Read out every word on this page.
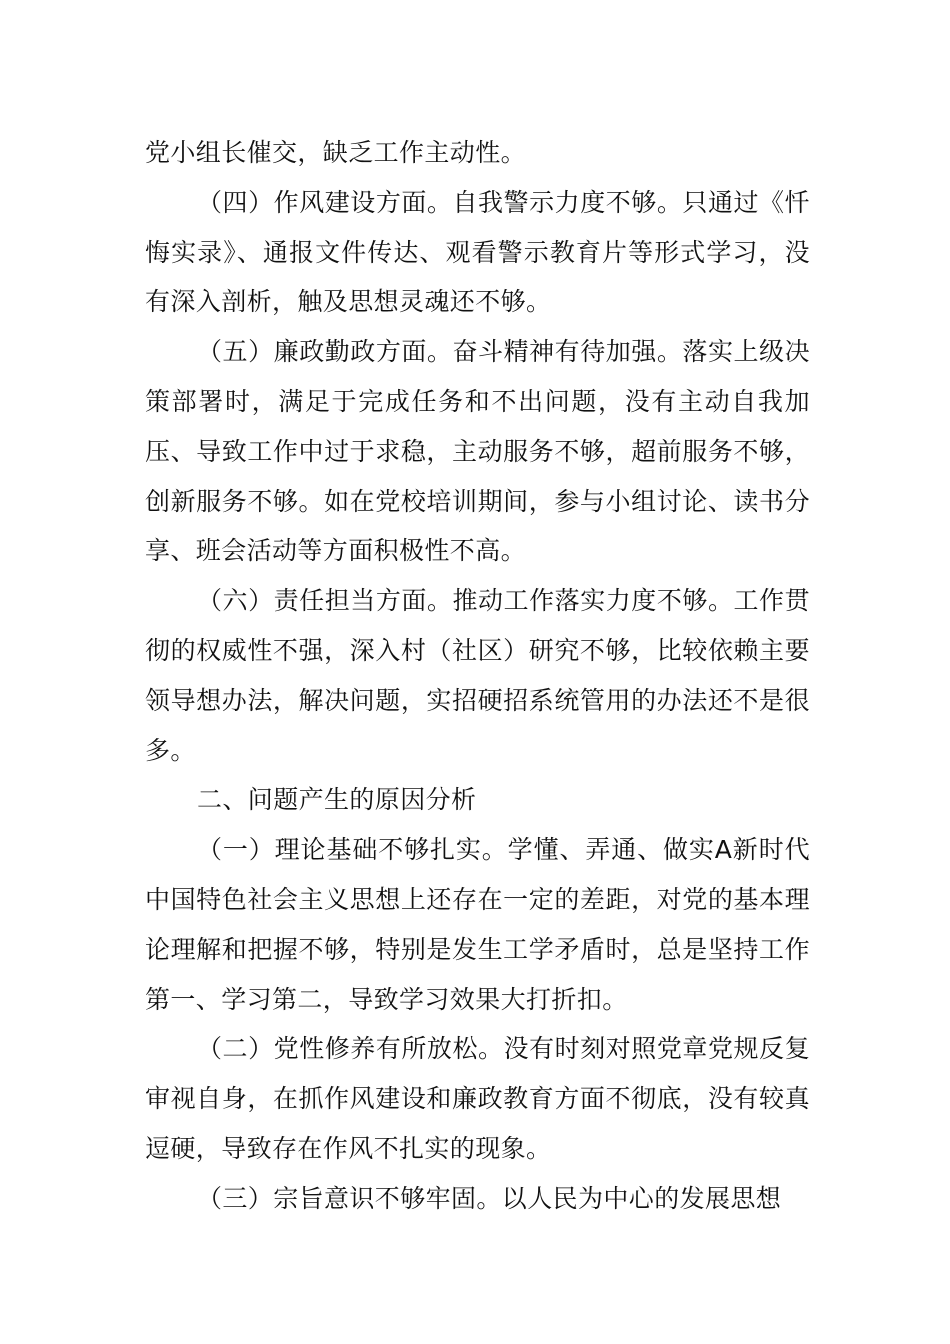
党小组长催交，缺乏工作主动性。

（四）作风建设方面。自我警示力度不够。只通过《忏悔实录》、通报文件传达、观看警示教育片等形式学习，没有深入剖析，触及思想灵魂还不够。

（五）廉政勤政方面。奋斗精神有待加强。落实上级决策部署时，满足于完成任务和不出问题，没有主动自我加压、导致工作中过于求稳，主动服务不够，超前服务不够，创新服务不够。如在党校培训期间，参与小组讨论、读书分享、班会活动等方面积极性不高。

（六）责任担当方面。推动工作落实力度不够。工作贯彻的权威性不强，深入村（社区）研究不够，比较依赖主要领导想办法，解决问题，实招硬招系统管用的办法还不是很多。

二、问题产生的原因分析

（一）理论基础不够扎实。学懂、弄通、做实A新时代中国特色社会主义思想上还存在一定的差距，对党的基本理论理解和把握不够，特别是发生工学矛盾时，总是坚持工作第一、学习第二，导致学习效果大打折扣。

（二）党性修养有所放松。没有时刻对照党章党规反复审视自身，在抓作风建设和廉政教育方面不彻底，没有较真逗硬，导致存在作风不扎实的现象。

（三）宗旨意识不够牢固。以人民为中心的发展思想
